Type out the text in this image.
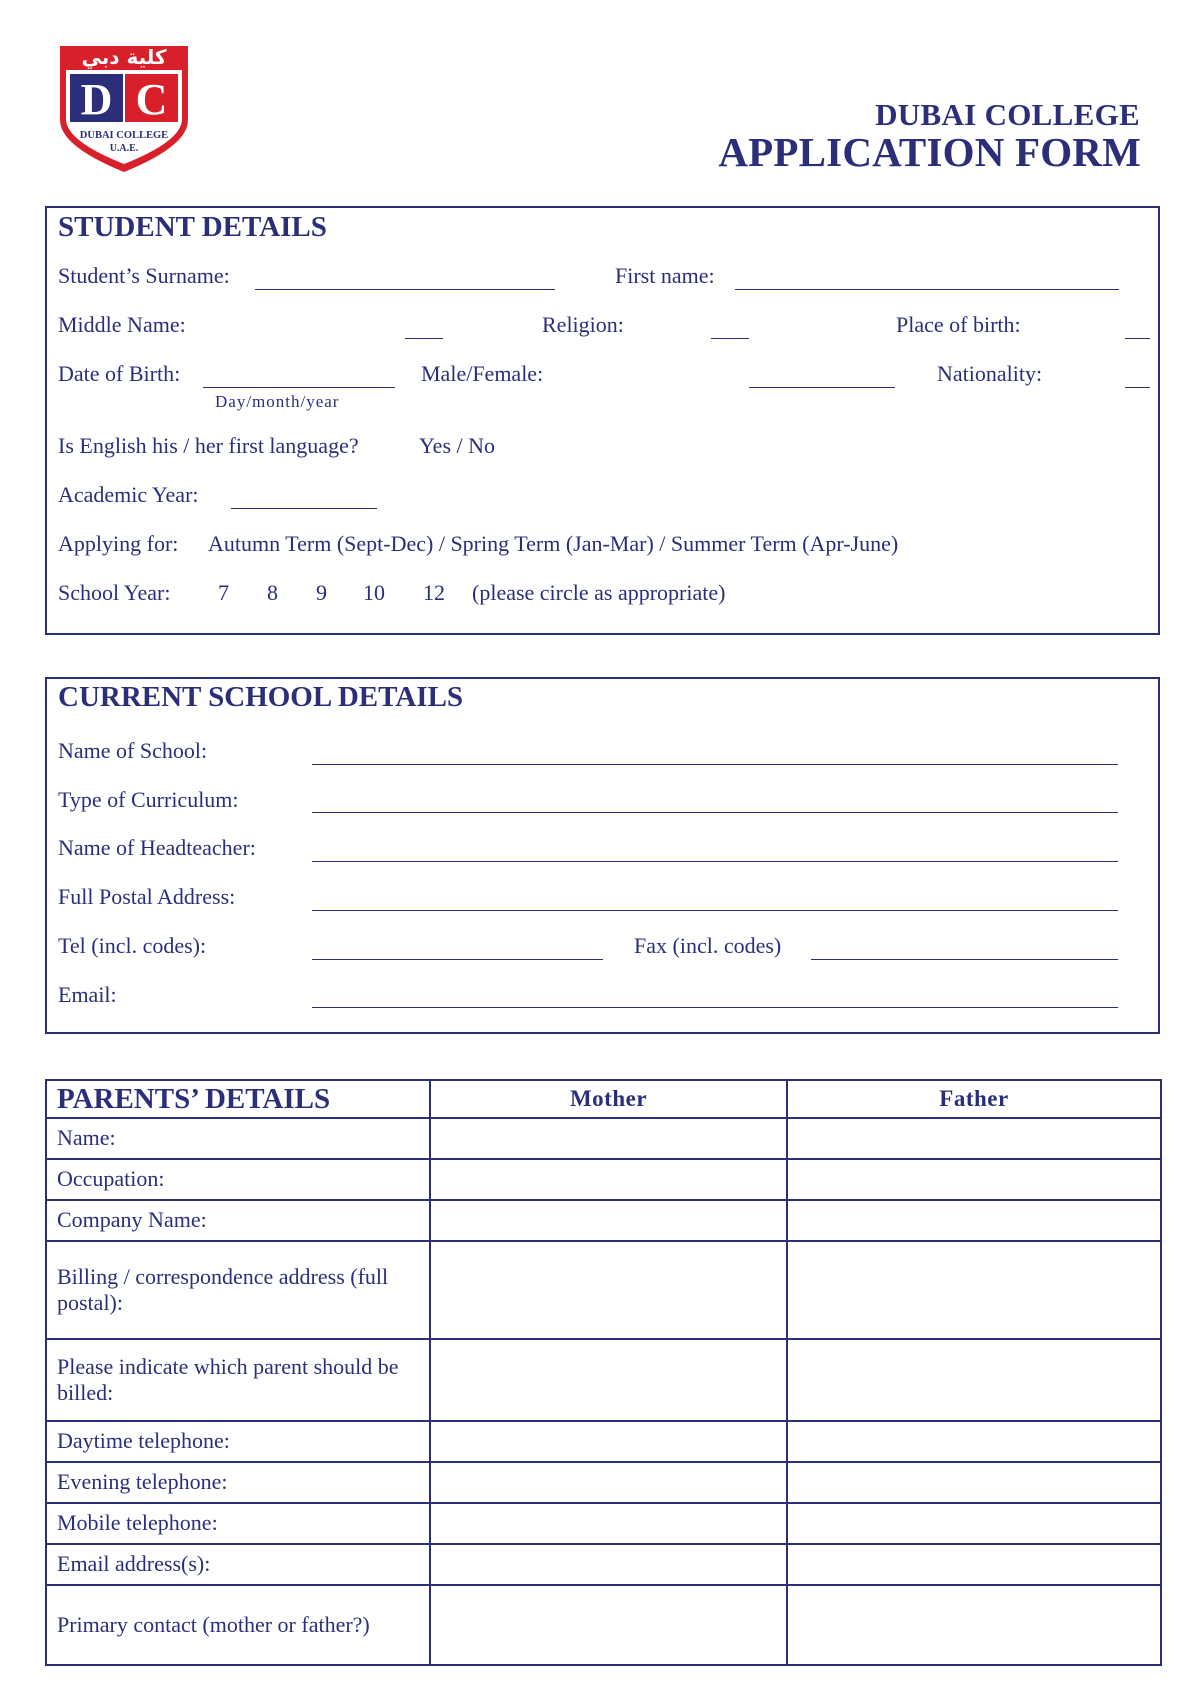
كلية دبي
D C
DUBAI COLLEGE
U.A.E.
DUBAI COLLEGE
APPLICATION FORM
STUDENT DETAILS
Student’s Surname:	First name:
Middle Name:	Religion:	Place of birth:
Date of Birth:
Day/month/year
Male/Female:	Nationality:
Is English his / her first language?	Yes / No
Academic Year:
Applying for: Autumn Term (Sept-Dec) / Spring Term (Jan-Mar) / Summer Term (Apr-June)
School Year: 7 8 9 10 12 (please circle as appropriate)
CURRENT SCHOOL DETAILS
Name of School:
Type of Curriculum:
Name of Headteacher:
Full Postal Address:
Tel (incl. codes):	Fax (incl. codes)
Email:
PARENTS’ DETAILS	Mother	Father
Name:		
Occupation:		
Company Name:		
Billing / correspondence address (full postal):		
Please indicate which parent should be billed:		
Daytime telephone:		
Evening telephone:		
Mobile telephone:		
Email address(s):		
Primary contact (mother or father?)		
